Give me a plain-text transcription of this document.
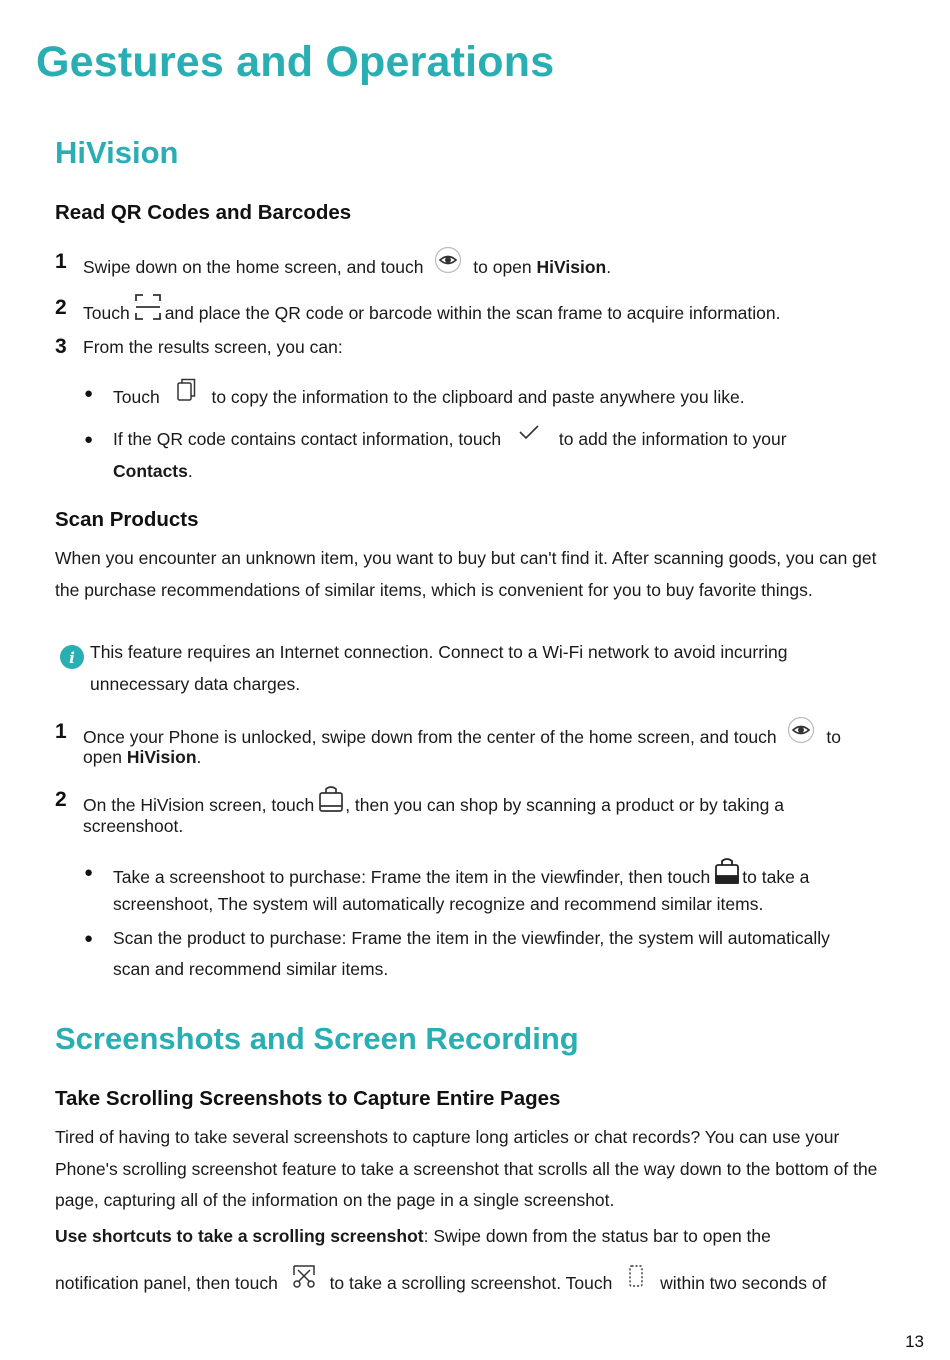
Gestures and Operations
HiVision
Read QR Codes and Barcodes
1 Swipe down on the home screen, and touch	to open HiVision.
2 Touch and place the QR code or barcode within the scan frame to acquire information.
3 From the results screen, you can:
● Touch	to copy the information to the clipboard and paste anywhere you like.
● If the QR code contains contact information, touch	to add the information to your
Contacts.
Scan Products
When you encounter an unknown item, you want to buy but can't find it. After scanning goods, you can get the purchase recommendations of similar items, which is convenient for you to buy favorite things.
i This feature requires an Internet connection. Connect to a Wi-Fi network to avoid incurring unnecessary data charges.
1 Once your Phone is unlocked, swipe down from the center of the home screen, and touch	to
open HiVision.
2 On the HiVision screen, touch , then you can shop by scanning a product or by taking a
screenshoot.
● Take a screenshoot to purchase: Frame the item in the viewfinder, then touch to take a
screenshoot, The system will automatically recognize and recommend similar items.
● Scan the product to purchase: Frame the item in the viewfinder, the system will automatically
scan and recommend similar items.
Screenshots and Screen Recording
Take Scrolling Screenshots to Capture Entire Pages
Tired of having to take several screenshots to capture long articles or chat records? You can use your Phone's scrolling screenshot feature to take a screenshot that scrolls all the way down to the bottom of the page, capturing all of the information on the page in a single screenshot.
Use shortcuts to take a scrolling screenshot: Swipe down from the status bar to open the
notification panel, then touch	to take a scrolling screenshot. Touch	within two seconds of
13
